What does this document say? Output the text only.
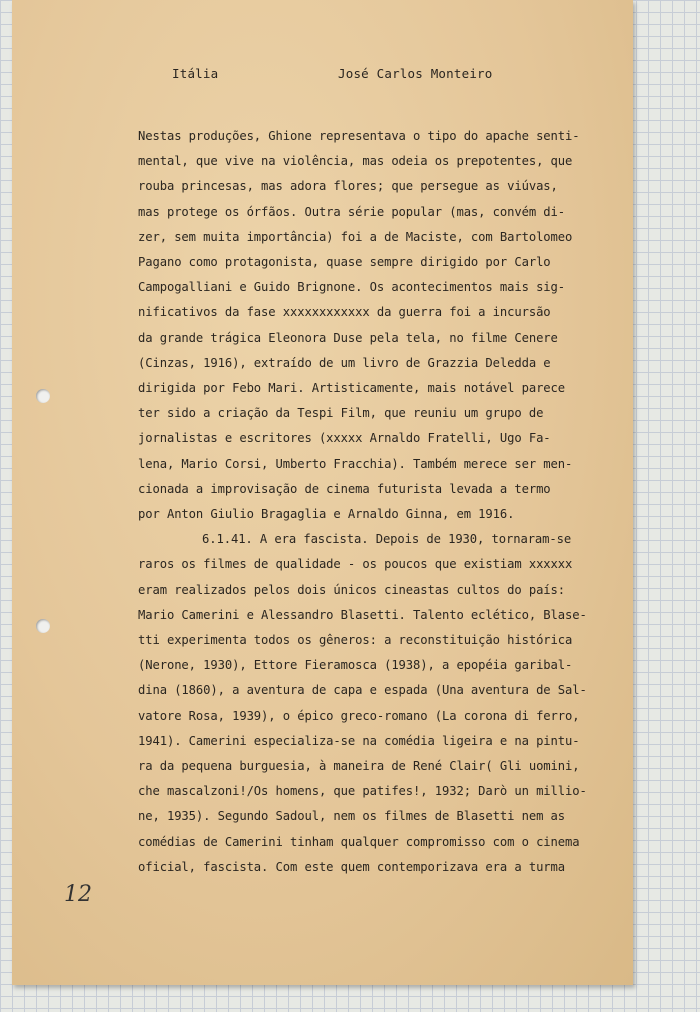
Itália	José Carlos Monteiro
Nestas produções, Ghione representava o tipo do apache senti-
mental, que vive na violência, mas odeia os prepotentes, que
rouba princesas, mas adora flores; que persegue as viúvas,
mas protege os órfãos. Outra série popular (mas, convém di-
zer, sem muita importância) foi a de Maciste, com Bartolomeo
Pagano como protagonista, quase sempre dirigido por Carlo
Campogalliani e Guido Brignone. Os acontecimentos mais sig-
nificativos da fase xxxxxxxxxxxx da guerra foi a incursão
da grande trágica Eleonora Duse pela tela, no filme Cenere
(Cinzas, 1916), extraído de um livro de Grazzia Deledda e
dirigida por Febo Mari. Artisticamente, mais notável parece
ter sido a criação da Tespi Film, que reuniu um grupo de
jornalistas e escritores (xxxxx Arnaldo Fratelli, Ugo Fa-
lena, Mario Corsi, Umberto Fracchia). Também merece ser men-
cionada a improvisação de cinema futurista levada a termo
por Anton Giulio Bragaglia e Arnaldo Ginna, em 1916.
6.1.41. A era fascista. Depois de 1930, tornaram-se
raros os filmes de qualidade - os poucos que existiam xxxxxx
eram realizados pelos dois únicos cineastas cultos do país:
Mario Camerini e Alessandro Blasetti. Talento eclético, Blase-
tti experimenta todos os gêneros: a reconstituição histórica
(Nerone, 1930), Ettore Fieramosca (1938), a epopéia garibal-
dina (1860), a aventura de capa e espada (Una aventura de Sal-
vatore Rosa, 1939), o épico greco-romano (La corona di ferro,
1941). Camerini especializa-se na comédia ligeira e na pintu-
ra da pequena burguesia, à maneira de René Clair( Gli uomini,
che mascalzoni!/Os homens, que patifes!, 1932; Darò un millio-
ne, 1935). Segundo Sadoul, nem os filmes de Blasetti nem as
comédias de Camerini tinham qualquer compromisso com o cinema
oficial, fascista. Com este quem contemporizava era a turma
12
